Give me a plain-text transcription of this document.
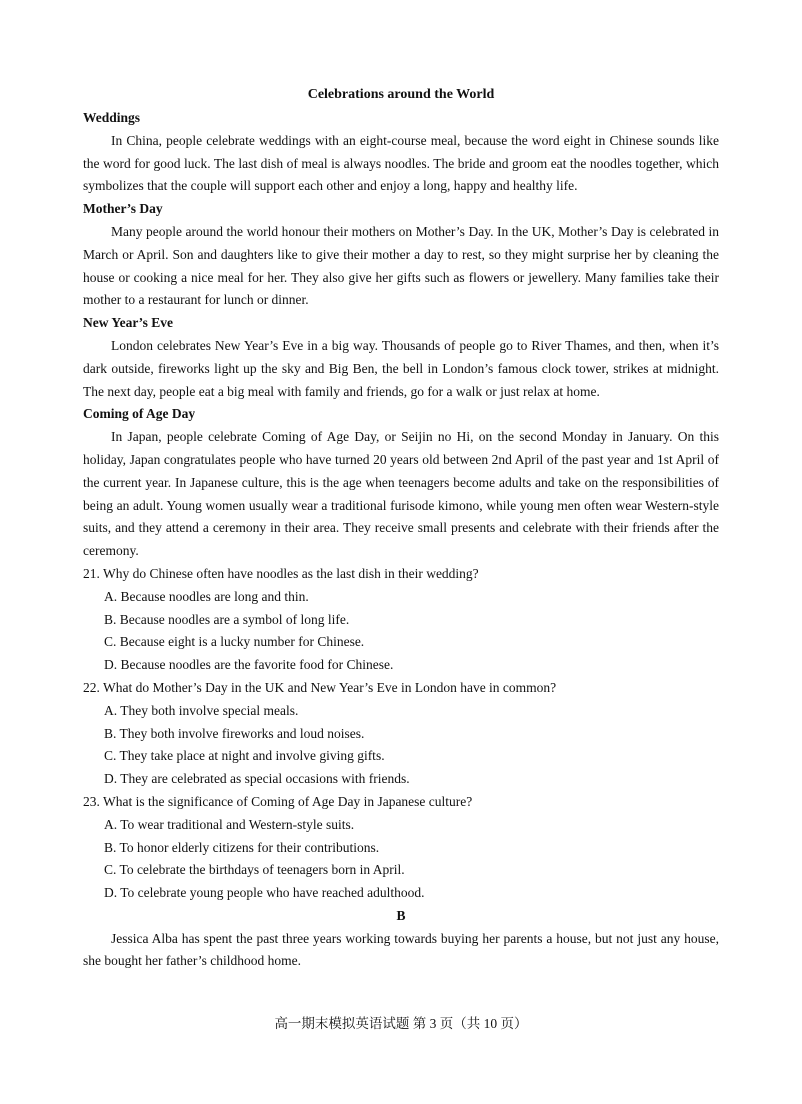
Celebrations around the World
Weddings

In China, people celebrate weddings with an eight-course meal, because the word eight in Chinese sounds like the word for good luck. The last dish of meal is always noodles. The bride and groom eat the noodles together, which symbolizes that the couple will support each other and enjoy a long, happy and healthy life.

Mother’s Day

Many people around the world honour their mothers on Mother’s Day. In the UK, Mother’s Day is celebrated in March or April. Son and daughters like to give their mother a day to rest, so they might surprise her by cleaning the house or cooking a nice meal for her. They also give her gifts such as flowers or jewellery. Many families take their mother to a restaurant for lunch or dinner.

New Year’s Eve

London celebrates New Year’s Eve in a big way. Thousands of people go to River Thames, and then, when it’s dark outside, fireworks light up the sky and Big Ben, the bell in London’s famous clock tower, strikes at midnight. The next day, people eat a big meal with family and friends, go for a walk or just relax at home.

Coming of Age Day

In Japan, people celebrate Coming of Age Day, or Seijin no Hi, on the second Monday in January. On this holiday, Japan congratulates people who have turned 20 years old between 2nd April of the past year and 1st April of the current year. In Japanese culture, this is the age when teenagers become adults and take on the responsibilities of being an adult. Young women usually wear a traditional furisode kimono, while young men often wear Western-style suits, and they attend a ceremony in their area. They receive small presents and celebrate with their friends after the ceremony.

21. Why do Chinese often have noodles as the last dish in their wedding?

A. Because noodles are long and thin.

B. Because noodles are a symbol of long life.

C. Because eight is a lucky number for Chinese.

D. Because noodles are the favorite food for Chinese.

22. What do Mother’s Day in the UK and New Year’s Eve in London have in common?

A. They both involve special meals.

B. They both involve fireworks and loud noises.

C. They take place at night and involve giving gifts.

D. They are celebrated as special occasions with friends.

23. What is the significance of Coming of Age Day in Japanese culture?

A. To wear traditional and Western-style suits.

B. To honor elderly citizens for their contributions.

C. To celebrate the birthdays of teenagers born in April.

D. To celebrate young people who have reached adulthood.

B

Jessica Alba has spent the past three years working towards buying her parents a house, but not just any house, she bought her father’s childhood home.

高一期末模拟英语试题 第 3 页（共 10 页）
